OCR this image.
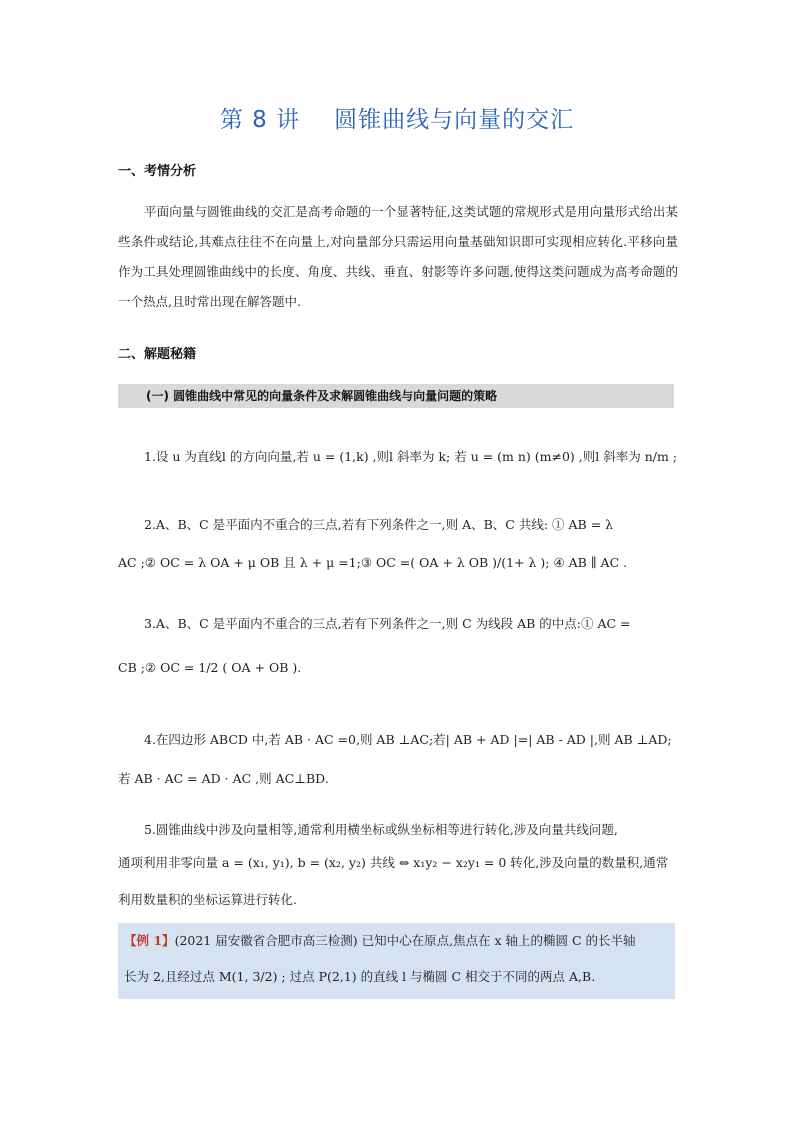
第 8 讲 圆锥曲线与向量的交汇
一、考情分析
平面向量与圆锥曲线的交汇是高考命题的一个显著特征,这类试题的常规形式是用向量形式给出某些条件或结论,其难点往往不在向量上,对向量部分只需运用向量基础知识即可实现相应转化.平移向量作为工具处理圆锥曲线中的长度、角度、共线、垂直、射影等许多问题,使得这类问题成为高考命题的一个热点,且时常出现在解答题中.
二、解题秘籍
(一) 圆锥曲线中常见的向量条件及求解圆锥曲线与向量问题的策略
1.设 u 为直线l 的方向向量,若 u = (1,k) ,则l 斜率为 k; 若 u = (m n) (m≠0) ,则l 斜率为 n/m ;
2.A、B、C 是平面内不重合的三点,若有下列条件之一,则 A、B、C 共线: ① AB = λ
AC ;② OC = λ OA + μ OB 且 λ + μ =1;③ OC =( OA + λ OB )/(1+ λ ); ④ AB ∥ AC .
3.A、B、C 是平面内不重合的三点,若有下列条件之一,则 C 为线段 AB 的中点:① AC =
CB ;② OC = 1/2 ( OA + OB ).
4.在四边形 ABCD 中,若 AB · AC =0,则 AB ⊥AC;若| AB + AD |=| AB - AD |,则 AB ⊥AD;
若 AB · AC = AD · AC ,则 AC⊥BD.
5.圆锥曲线中涉及向量相等,通常利用横坐标或纵坐标相等进行转化,涉及向量共线问题,
通项利用非零向量 a = (x₁, y₁), b = (x₂, y₂) 共线 ⇔ x₁y₂ − x₂y₁ = 0 转化,涉及向量的数量积,通常
利用数量积的坐标运算进行转化.
【例 1】(2021 届安徽省合肥市高三检测) 已知中心在原点,焦点在 x 轴上的椭圆 C 的长半轴
长为 2,且经过点 M(1, 3/2) ; 过点 P(2,1) 的直线 l 与椭圆 C 相交于不同的两点 A,B.
